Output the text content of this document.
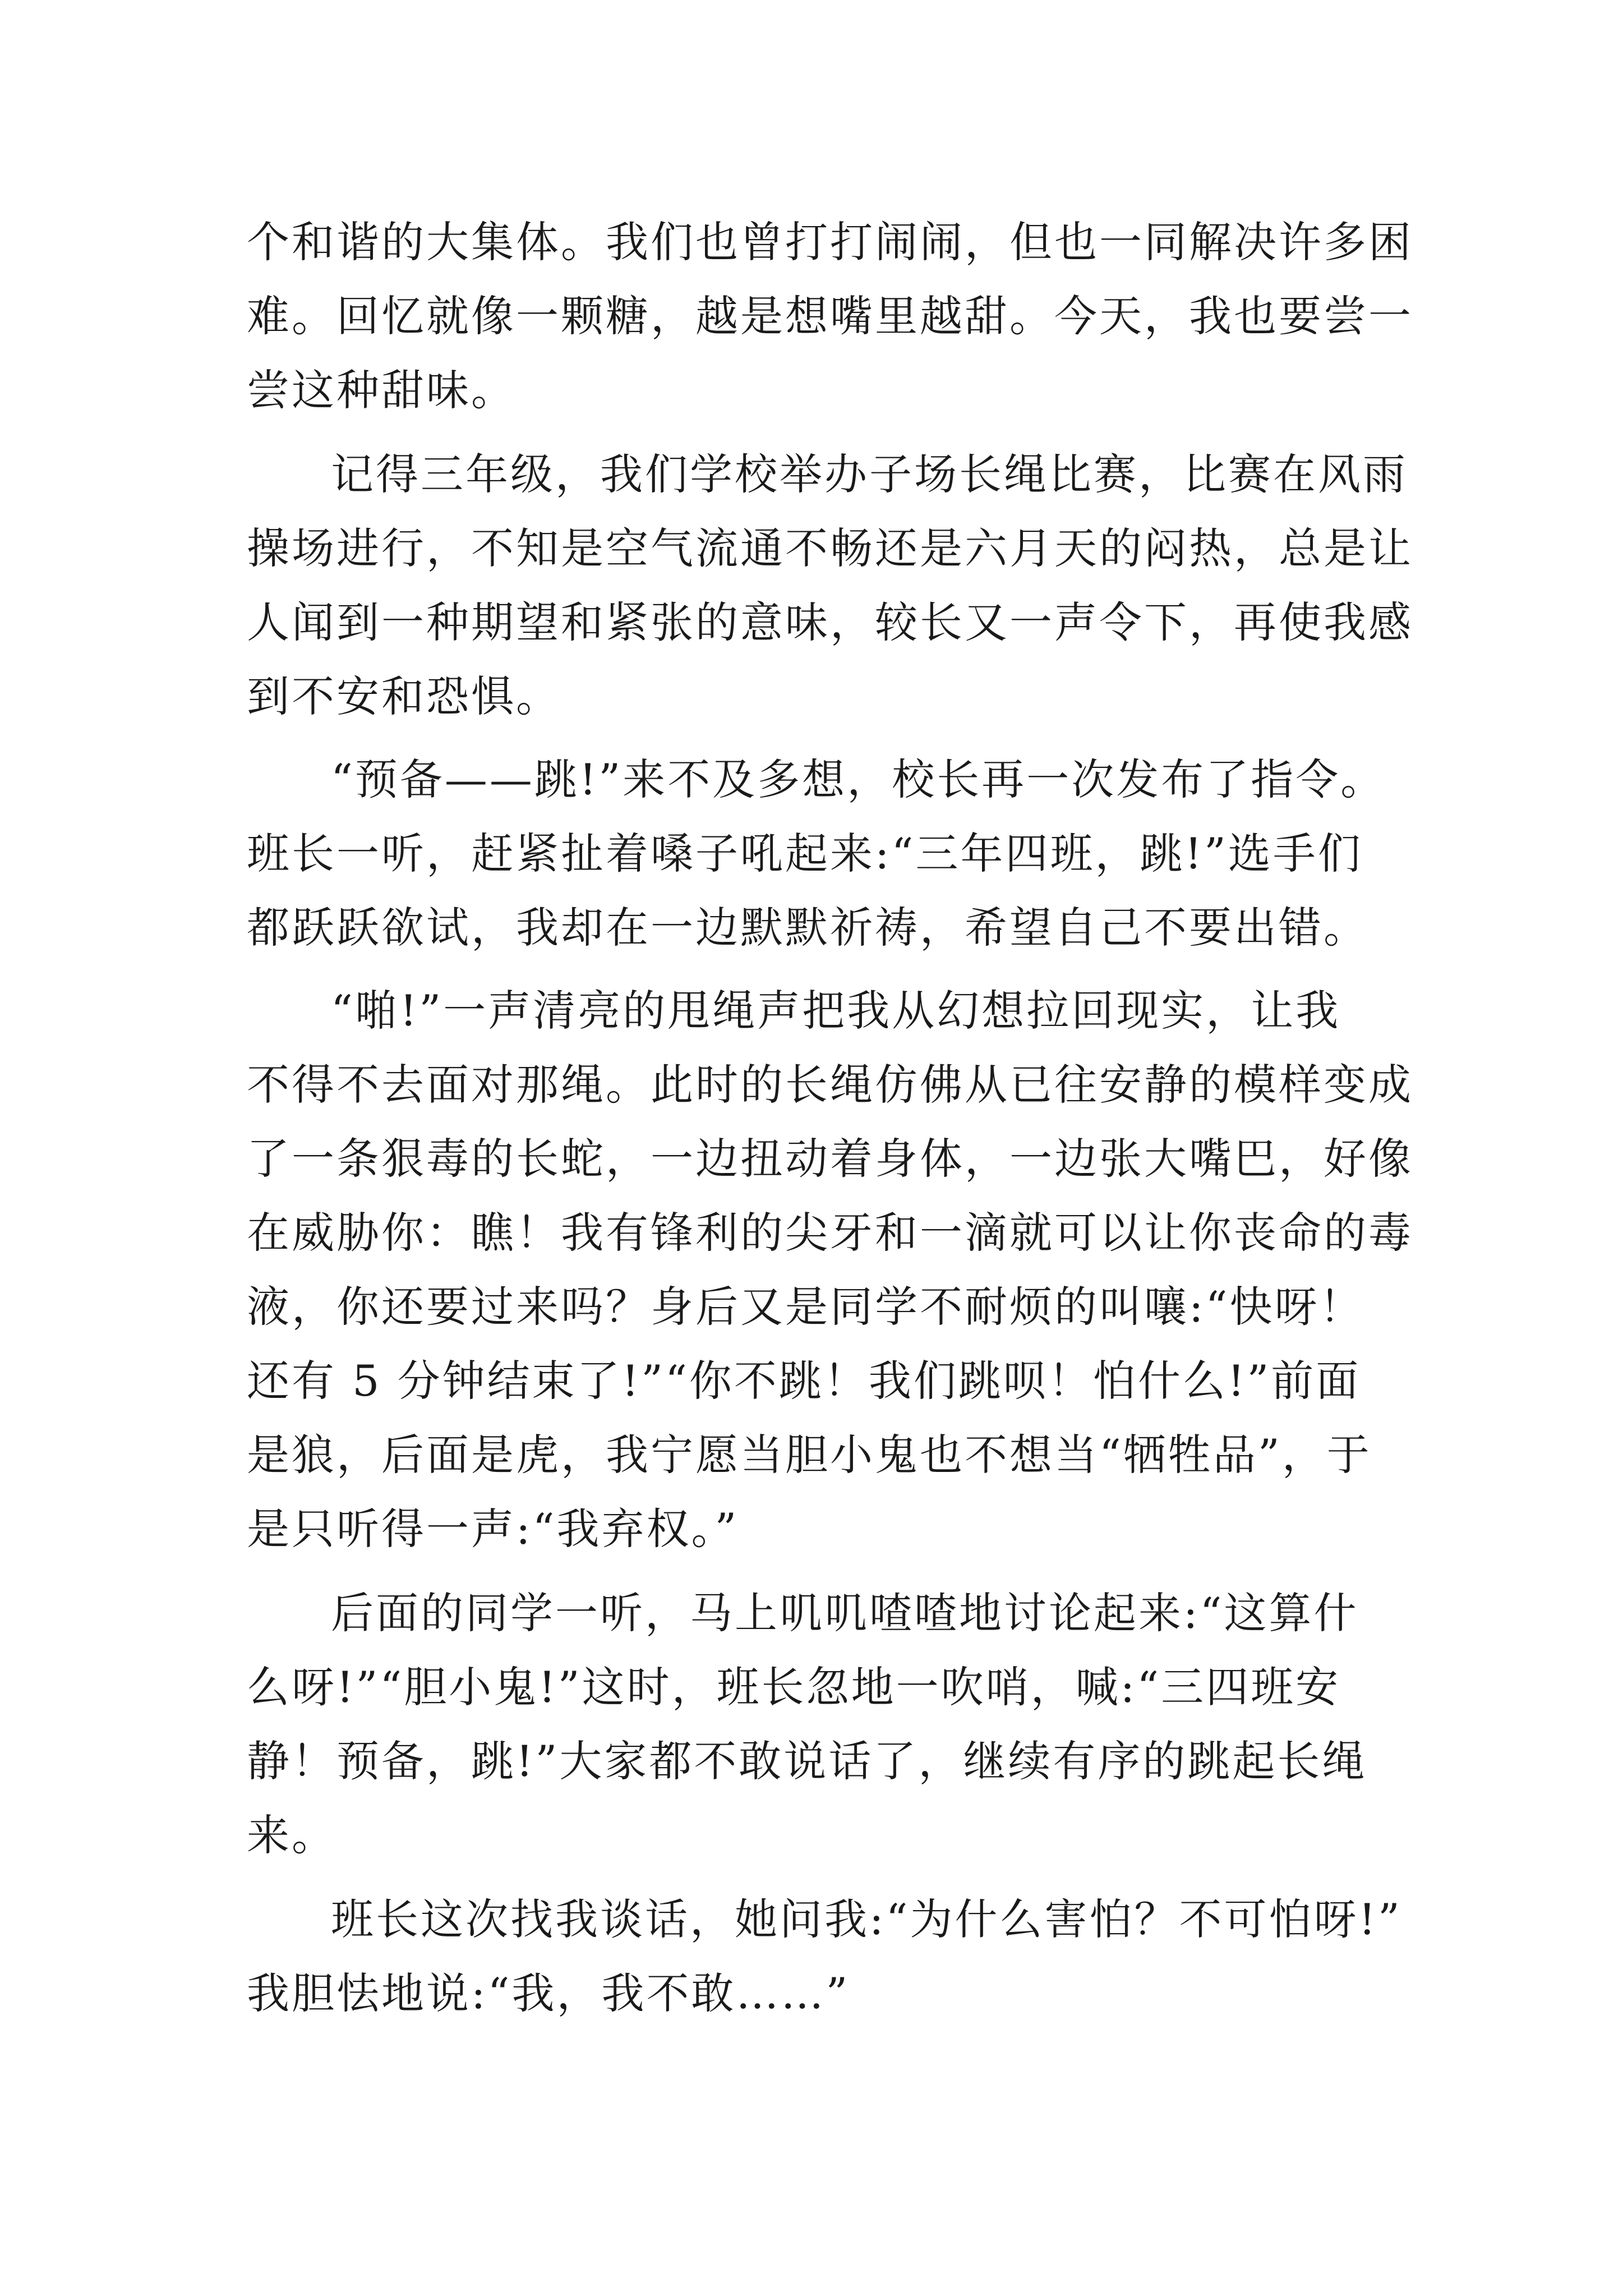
个和谐的大集体。我们也曾打打闹闹，但也一同解决许多困
难。回忆就像一颗糖，越是想嘴里越甜。今天，我也要尝一
尝这种甜味。
记得三年级，我们学校举办子场长绳比赛，比赛在风雨
操场进行，不知是空气流通不畅还是六月天的闷热，总是让
人闻到一种期望和紧张的意味，较长又一声令下，再使我感
到不安和恐惧。
“预备——跳!”来不及多想，校长再一次发布了指令。
班长一听，赶紧扯着嗓子吼起来:“三年四班，跳!”选手们
都跃跃欲试，我却在一边默默祈祷，希望自己不要出错。
“啪!”一声清亮的甩绳声把我从幻想拉回现实，让我
不得不去面对那绳。此时的长绳仿佛从已往安静的模样变成
了一条狠毒的长蛇，一边扭动着身体，一边张大嘴巴，好像
在威胁你：瞧！我有锋利的尖牙和一滴就可以让你丧命的毒
液，你还要过来吗？身后又是同学不耐烦的叫嚷:“快呀！
还有 5 分钟结束了!”“你不跳！我们跳呗！怕什么!”前面
是狼，后面是虎，我宁愿当胆小鬼也不想当“牺牲品”，于
是只听得一声:“我弃权。”
后面的同学一听，马上叽叽喳喳地讨论起来:“这算什
么呀!”“胆小鬼!”这时，班长忽地一吹哨，喊:“三四班安
静！预备，跳!”大家都不敢说话了，继续有序的跳起长绳
来。
班长这次找我谈话，她问我:“为什么害怕？不可怕呀!”
我胆怯地说:“我，我不敢……”
